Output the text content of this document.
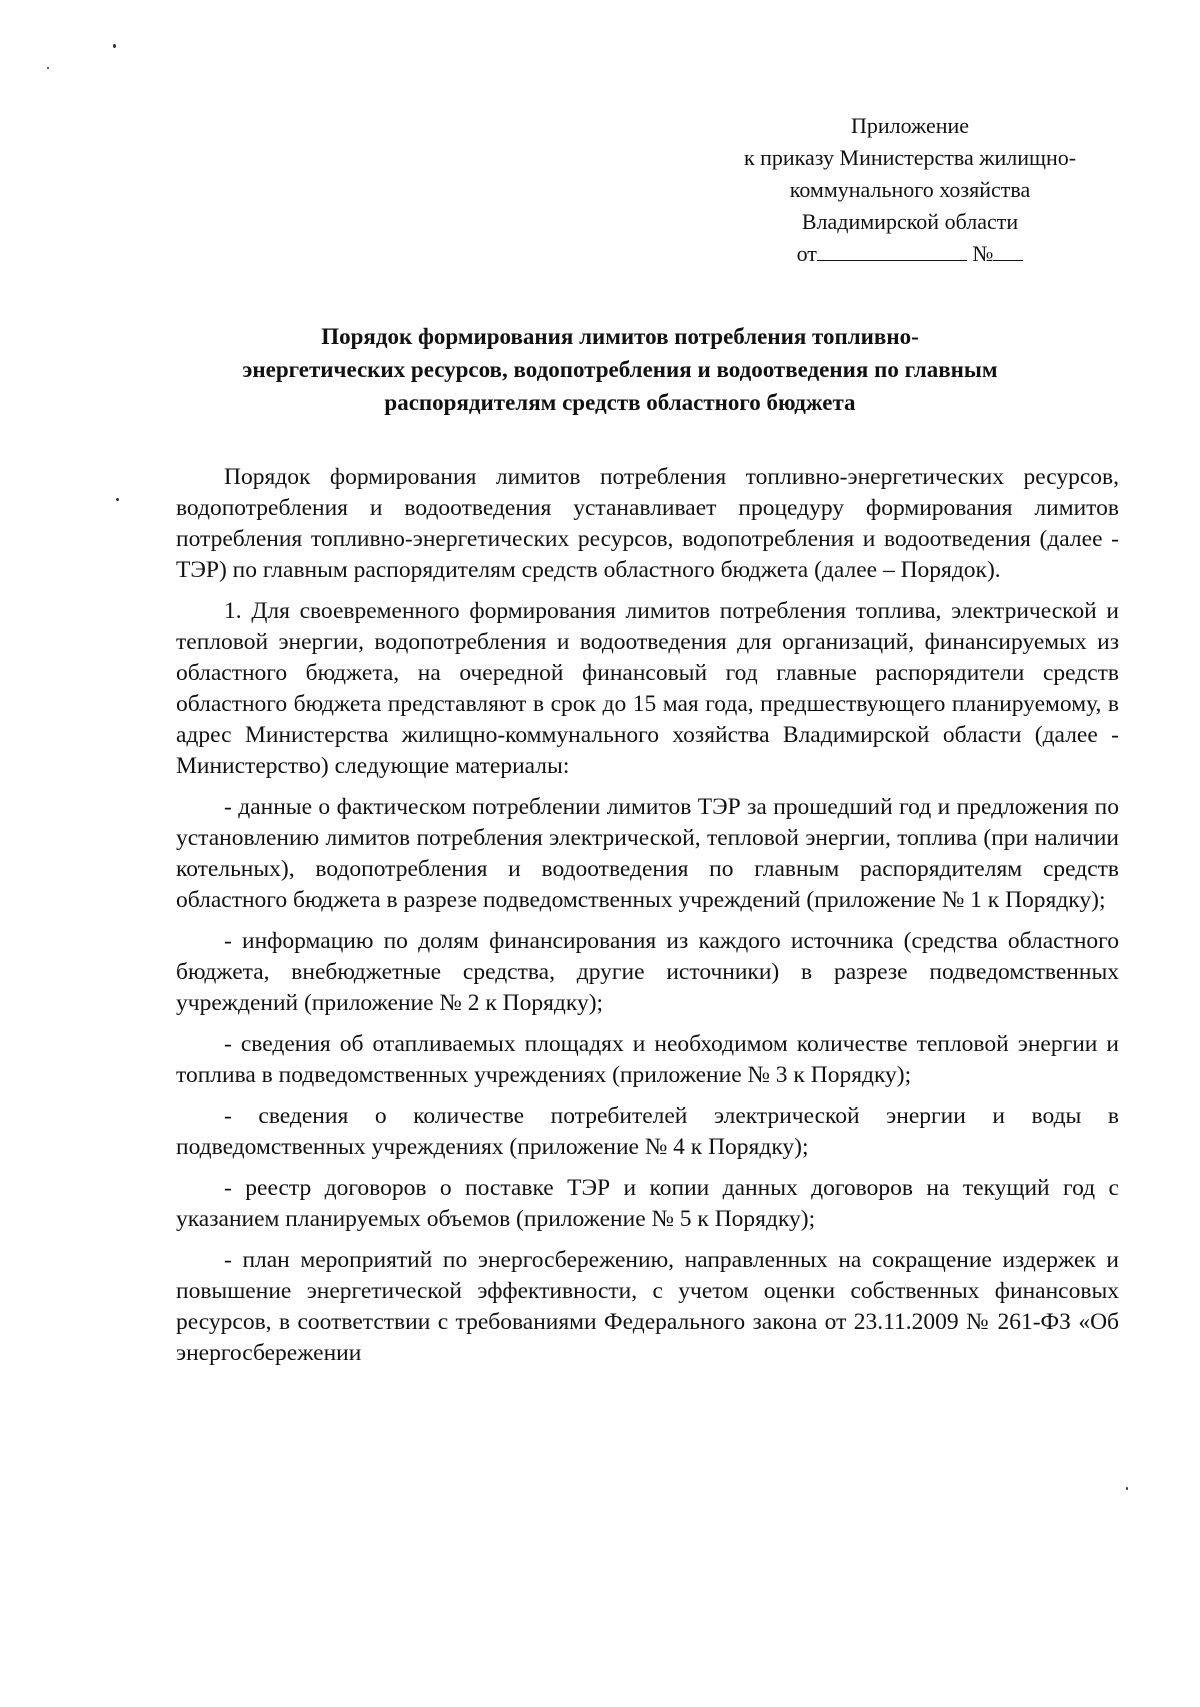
Приложение
к приказу Министерства жилищно-
коммунального хозяйства
Владимирской области
от	№
Порядок формирования лимитов потребления топливно-
энергетических ресурсов, водопотребления и водоотведения по главным
распорядителям средств областного бюджета

Порядок формирования лимитов потребления топливно-энергетических ресурсов, водопотребления и водоотведения устанавливает процедуру формирования лимитов потребления топливно-энергетических ресурсов, водопотребления и водоотведения (далее - ТЭР) по главным распорядителям средств областного бюджета (далее – Порядок).

1. Для своевременного формирования лимитов потребления топлива, электрической и тепловой энергии, водопотребления и водоотведения для организаций, финансируемых из областного бюджета, на очередной финансовый год главные распорядители средств областного бюджета представляют в срок до 15 мая года, предшествующего планируемому, в адрес Министерства жилищно-коммунального хозяйства Владимирской области (далее - Министерство) следующие материалы:

- данные о фактическом потреблении лимитов ТЭР за прошедший год и предложения по установлению лимитов потребления электрической, тепловой энергии, топлива (при наличии котельных), водопотребления и водоотведения по главным распорядителям средств областного бюджета в разрезе подведомственных учреждений (приложение № 1 к Порядку);

- информацию по долям финансирования из каждого источника (средства областного бюджета, внебюджетные средства, другие источники) в разрезе подведомственных учреждений (приложение № 2 к Порядку);

- сведения об отапливаемых площадях и необходимом количестве тепловой энергии и топлива в подведомственных учреждениях (приложение № 3 к Порядку);

- сведения о количестве потребителей электрической энергии и воды в подведомственных учреждениях (приложение № 4 к Порядку);

- реестр договоров о поставке ТЭР и копии данных договоров на текущий год с указанием планируемых объемов (приложение № 5 к Порядку);

- план мероприятий по энергосбережению, направленных на сокращение издержек и повышение энергетической эффективности, с учетом оценки собственных финансовых ресурсов, в соответствии с требованиями Федерального закона от 23.11.2009 № 261-ФЗ «Об энергосбережении
